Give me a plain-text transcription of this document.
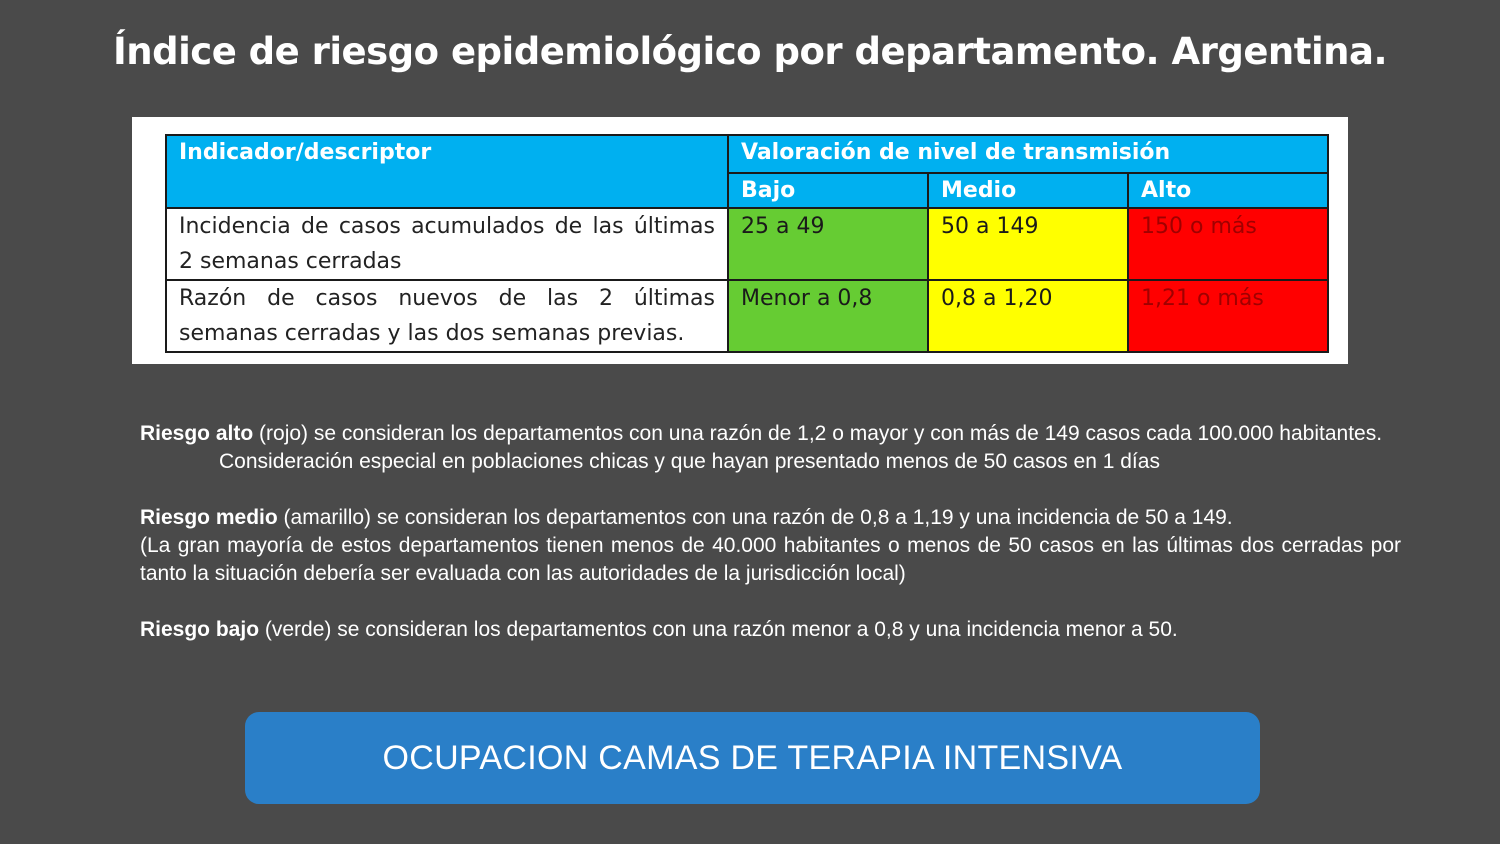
Índice de riesgo epidemiológico por departamento. Argentina.
Indicador/descriptor	Valoración de nivel de transmisión		
	Bajo	Medio	Alto
Incidencia de casos acumulados de las últimas 2 semanas cerradas	25 a 49	50 a 149	150 o más
Razón de casos nuevos de las 2 últimas semanas cerradas y las dos semanas previas.	Menor a 0,8	0,8 a 1,20	1,21 o más

Riesgo alto (rojo) se consideran los departamentos con una razón de 1,2 o mayor y con más de 149 casos cada 100.000 habitantes.

Consideración especial en poblaciones chicas y que hayan presentado menos de 50 casos en 1 días

Riesgo medio (amarillo) se consideran los departamentos con una razón de 0,8 a 1,19 y una incidencia de 50 a 149.

(La gran mayoría de estos departamentos tienen menos de 40.000 habitantes o menos de 50 casos en las últimas dos cerradas por tanto la situación debería ser evaluada con las autoridades de la jurisdicción local)

Riesgo bajo (verde) se consideran los departamentos con una razón menor a 0,8 y una incidencia menor a 50.

OCUPACION CAMAS DE TERAPIA INTENSIVA
